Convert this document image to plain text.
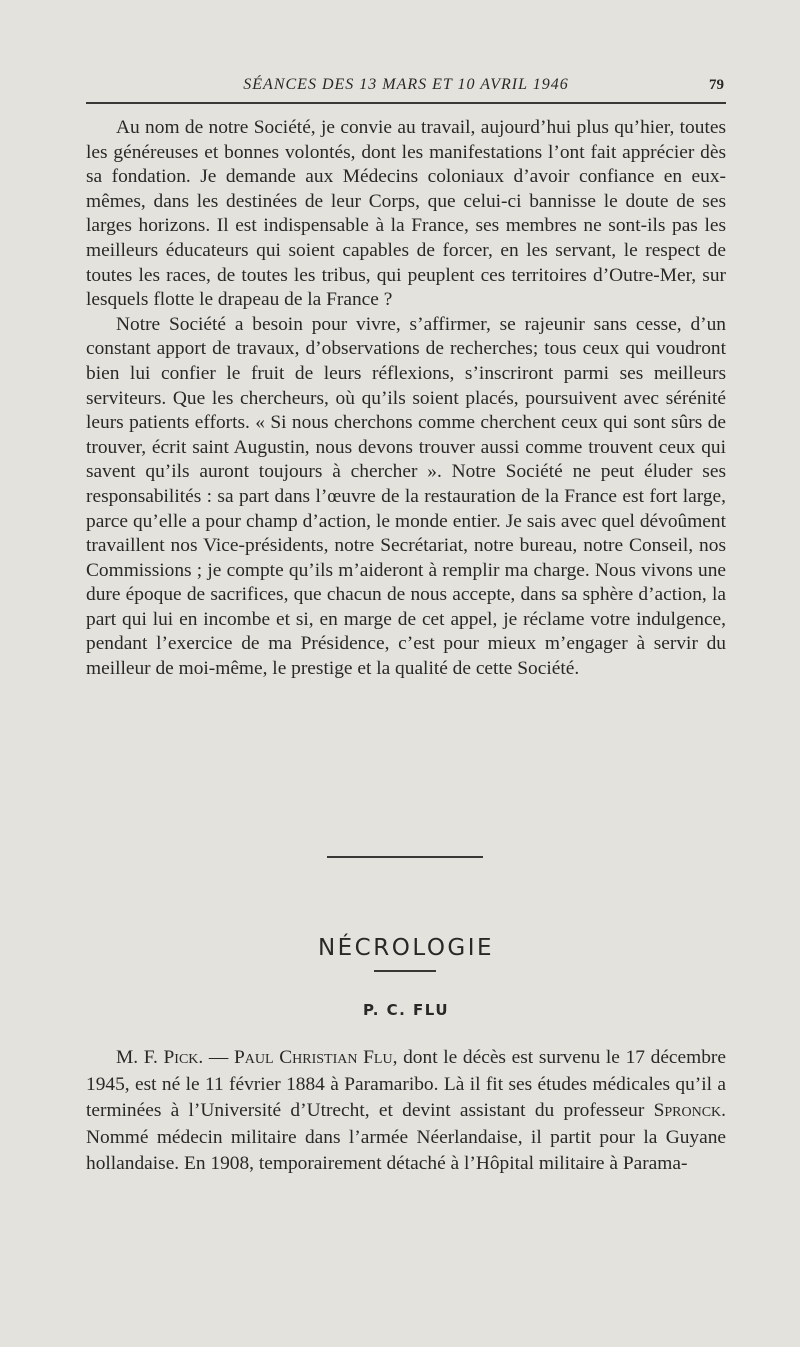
SÉANCES DES 13 MARS ET 10 AVRIL 1946	79

Au nom de notre Société, je convie au travail, aujourd’hui plus qu’hier, toutes les généreuses et bonnes volontés, dont les manifestations l’ont fait apprécier dès sa fondation. Je demande aux Médecins coloniaux d’avoir confiance en eux-mêmes, dans les destinées de leur Corps, que celui-ci bannisse le doute de ses larges horizons. Il est indispensable à la France, ses membres ne sont-ils pas les meilleurs éducateurs qui soient capables de forcer, en les servant, le respect de toutes les races, de toutes les tribus, qui peuplent ces territoires d’Outre-Mer, sur lesquels flotte le drapeau de la France ?

Notre Société a besoin pour vivre, s’affirmer, se rajeunir sans cesse, d’un constant apport de travaux, d’observations de recherches; tous ceux qui voudront bien lui confier le fruit de leurs réflexions, s’inscriront parmi ses meilleurs serviteurs. Que les chercheurs, où qu’ils soient placés, poursuivent avec sérénité leurs patients efforts. « Si nous cherchons comme cherchent ceux qui sont sûrs de trouver, écrit saint Augustin, nous devons trouver aussi comme trouvent ceux qui savent qu’ils auront toujours à chercher ». Notre Société ne peut éluder ses responsabilités : sa part dans l’œuvre de la restauration de la France est fort large, parce qu’elle a pour champ d’action, le monde entier. Je sais avec quel dévoûment travaillent nos Vice-présidents, notre Secrétariat, notre bureau, notre Conseil, nos Commissions ; je compte qu’ils m’aideront à remplir ma charge. Nous vivons une dure époque de sacrifices, que chacun de nous accepte, dans sa sphère d’action, la part qui lui en incombe et si, en marge de cet appel, je réclame votre indulgence, pendant l’exercice de ma Présidence, c’est pour mieux m’engager à servir du meilleur de moi-même, le prestige et la qualité de cette Société.

NÉCROLOGIE
P. C. FLU

M. F. Pick. — Paul Christian Flu, dont le décès est survenu le 17 décembre 1945, est né le 11 février 1884 à Paramaribo. Là il fit ses études médicales qu’il a terminées à l’Université d’Utrecht, et devint assistant du professeur Spronck. Nommé médecin militaire dans l’armée Néerlandaise, il partit pour la Guyane hollandaise. En 1908, temporairement détaché à l’Hôpital militaire à Parama-
